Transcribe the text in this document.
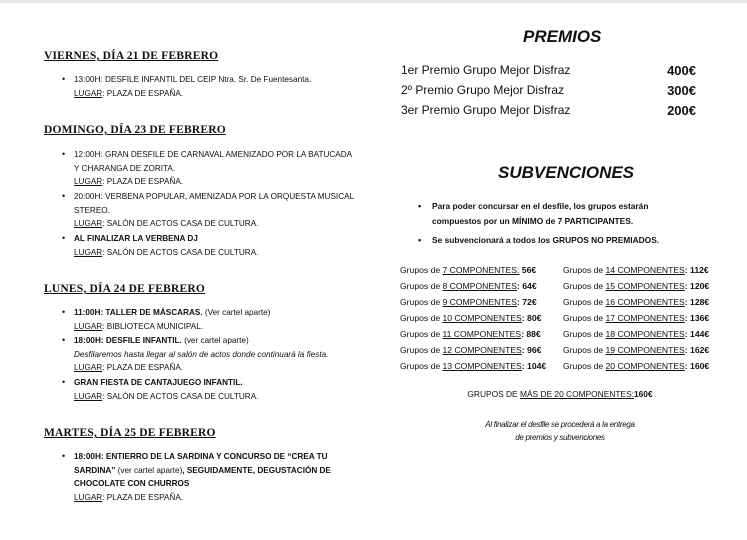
VIERNES, DÍA 21 DE FEBRERO
• 13:00H: DESFILE INFANTIL DEL CEIP Ntra. Sr. De Fuentesanta.
LUGAR: PLAZA DE ESPAÑA.
DOMINGO, DÍA 23 DE FEBRERO
• 12:00H: GRAN DESFILE DE CARNAVAL AMENIZADO POR LA BATUCADA
Y CHARANGA DE ZORITA.
LUGAR: PLAZA DE ESPAÑA.
• 20:00H: VERBENA POPULAR, AMENIZADA POR LA ORQUESTA MUSICAL
STEREO.
LUGAR: SALÓN DE ACTOS CASA DE CULTURA.
• AL FINALIZAR LA VERBENA DJ
LUGAR: SALÓN DE ACTOS CASA DE CULTURA.
LUNES, DÍA 24 DE FEBRERO
• 11:00H: TALLER DE MÁSCARAS. (Ver cartel aparte)
LUGAR: BIBLIOTECA MUNICIPAL.
• 18:00H: DESFILE INFANTIL. (ver cartel aparte)
Desfilaremos hasta llegar al salón de actos donde continuará la fiesta.
LUGAR: PLAZA DE ESPAÑA.
• GRAN FIESTA DE CANTAJUEGO INFANTIL.
LUGAR: SALÓN DE ACTOS CASA DE CULTURA.
MARTES, DÍA 25 DE FEBRERO
• 18:00H: ENTIERRO DE LA SARDINA Y CONCURSO DE “CREA TU
SARDINA” (ver cartel aparte), SEGUIDAMENTE, DEGUSTACIÓN DE
CHOCOLATE CON CHURROS
LUGAR: PLAZA DE ESPAÑA.
PREMIOS
1er Premio Grupo Mejor Disfraz	400€
2º Premio Grupo Mejor Disfraz	300€
3er Premio Grupo Mejor Disfraz	200€
SUBVENCIONES
• Para poder concursar en el desfile, los grupos estarán
compuestos por un MÍNIMO de 7 PARTICIPANTES.
• Se subvencionará a todos los GRUPOS NO PREMIADOS.
Grupos de 7 COMPONENTES: 56€
Grupos de 8 COMPONENTES: 64€
Grupos de 9 COMPONENTES: 72€
Grupos de 10 COMPONENTES: 80€
Grupos de 11 COMPONENTES: 88€
Grupos de 12 COMPONENTES: 96€
Grupos de 13 COMPONENTES: 104€
Grupos de 14 COMPONENTES: 112€
Grupos de 15 COMPONENTES: 120€
Grupos de 16 COMPONENTES: 128€
Grupos de 17 COMPONENTES: 136€
Grupos de 18 COMPONENTES: 144€
Grupos de 19 COMPONENTES: 162€
Grupos de 20 COMPONENTES: 160€
GRUPOS DE MÁS DE 20 COMPONENTES:160€
Al finalizar el desfile se procederá a la entrega
de premios y subvenciones
